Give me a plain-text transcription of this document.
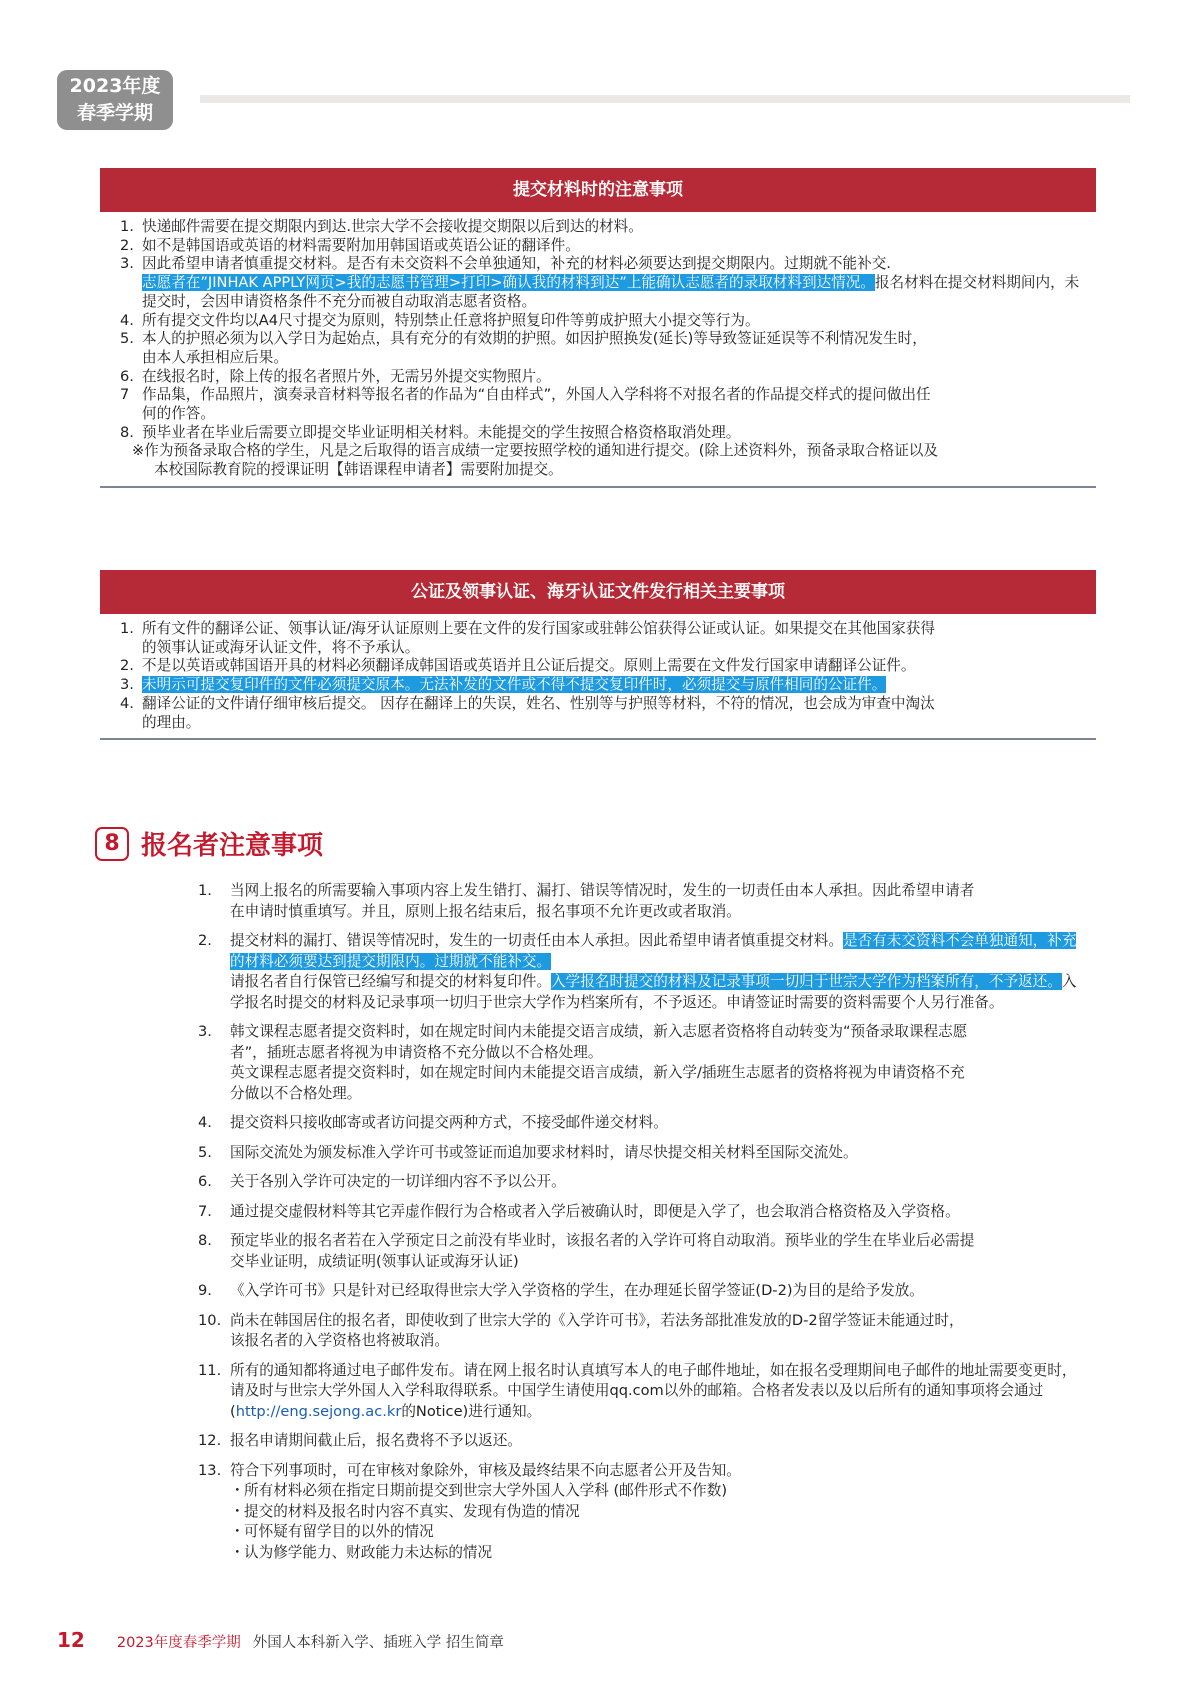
2023年度
春季学期
提交材料时的注意事项
1. 快递邮件需要在提交期限内到达.世宗大学不会接收提交期限以后到达的材料。
2. 如不是韩国语或英语的材料需要附加用韩国语或英语公证的翻译件。
3. 因此希望申请者慎重提交材料。是否有未交资料不会单独通知，补充的材料必须要达到提交期限内。过期就不能补交.
志愿者在”JINHAK APPLY网页>我的志愿书管理>打印>确认我的材料到达”上能确认志愿者的录取材料到达情况。报名材料在提交材料期间内，未提交时，会因申请资格条件不充分而被自动取消志愿者资格。
4. 所有提交文件均以A4尺寸提交为原则，特别禁止任意将护照复印件等剪成护照大小提交等行为。
5. 本人的护照必须为以入学日为起始点，具有充分的有效期的护照。如因护照换发(延长)等导致签证延误等不利情况发生时，
由本人承担相应后果。
6. 在线报名时，除上传的报名者照片外，无需另外提交实物照片。
7 作品集，作品照片，演奏录音材料等报名者的作品为“自由样式”，外国人入学科将不对报名者的作品提交样式的提问做出任
何的作答。
8. 预毕业者在毕业后需要立即提交毕业证明相关材料。未能提交的学生按照合格资格取消处理。
※作为预备录取合格的学生，凡是之后取得的语言成绩一定要按照学校的通知进行提交。(除上述资料外，预备录取合格证以及
本校国际教育院的授课证明【韩语课程申请者】需要附加提交。
公证及领事认证、海牙认证文件发行相关主要事项
1. 所有文件的翻译公证、领事认证/海牙认证原则上要在文件的发行国家或驻韩公馆获得公证或认证。如果提交在其他国家获得
的领事认证或海牙认证文件，将不予承认。
2. 不是以英语或韩国语开具的材料必须翻译成韩国语或英语并且公证后提交。原则上需要在文件发行国家申请翻译公证件。
3. 未明示可提交复印件的文件必须提交原本。无法补发的文件或不得不提交复印件时，必须提交与原件相同的公证件。
4. 翻译公证的文件请仔细审核后提交。 因存在翻译上的失误，姓名、性别等与护照等材料，不符的情况，也会成为审查中淘汰
的理由。
8 报名者注意事项
1.	当网上报名的所需要输入事项内容上发生错打、漏打、错误等情况时，发生的一切责任由本人承担。因此希望申请者
在申请时慎重填写。并且，原则上报名结束后，报名事项不允许更改或者取消。
2.	提交材料的漏打、错误等情况时，发生的一切责任由本人承担。因此希望申请者慎重提交材料。是否有未交资料不会单独通知，补充的材料必须要达到提交期限内。过期就不能补交。
请报名者自行保管已经编写和提交的材料复印件。入学报名时提交的材料及记录事项一切归于世宗大学作为档案所有，不予返还。入学报名时提交的材料及记录事项一切归于世宗大学作为档案所有，不予返还。申请签证时需要的资料需要个人另行准备。
3.	韩文课程志愿者提交资料时，如在规定时间内未能提交语言成绩，新入志愿者资格将自动转变为“预备录取课程志愿
者”，插班志愿者将视为申请资格不充分做以不合格处理。
英文课程志愿者提交资料时，如在规定时间内未能提交语言成绩，新入学/插班生志愿者的资格将视为申请资格不充
分做以不合格处理。
4.	提交资料只接收邮寄或者访问提交两种方式，不接受邮件递交材料。
5.	国际交流处为颁发标准入学许可书或签证而追加要求材料时，请尽快提交相关材料至国际交流处。
6.	关于各别入学许可决定的一切详细内容不予以公开。
7.	通过提交虚假材料等其它弄虚作假行为合格或者入学后被确认时，即便是入学了，也会取消合格资格及入学资格。
8.	预定毕业的报名者若在入学预定日之前没有毕业时，该报名者的入学许可将自动取消。预毕业的学生在毕业后必需提
交毕业证明，成绩证明(领事认证或海牙认证)
9.	《入学许可书》只是针对已经取得世宗大学入学资格的学生，在办理延长留学签证(D-2)为目的是给予发放。
10. 尚未在韩国居住的报名者，即使收到了世宗大学的《入学许可书》，若法务部批准发放的D-2留学签证未能通过时，
该报名者的入学资格也将被取消。
11. 所有的通知都将通过电子邮件发布。请在网上报名时认真填写本人的电子邮件地址，如在报名受理期间电子邮件的地址需要变更时，请及时与世宗大学外国人入学科取得联系。中国学生请使用qq.com以外的邮箱。合格者发表以及以后所有的通知事项将会通过(http://eng.sejong.ac.kr的Notice)进行通知。
12. 报名申请期间截止后，报名费将不予以返还。
13. 符合下列事项时，可在审核对象除外，审核及最终结果不向志愿者公开及告知。
・ 所有材料必须在指定日期前提交到世宗大学外国人入学科 (邮件形式不作数)
・ 提交的材料及报名时内容不真实、发现有伪造的情况
・ 可怀疑有留学目的以外的情况
・ 认为修学能力、财政能力未达标的情况
12 2023年度春季学期 外国人本科新入学、插班入学 招生简章
